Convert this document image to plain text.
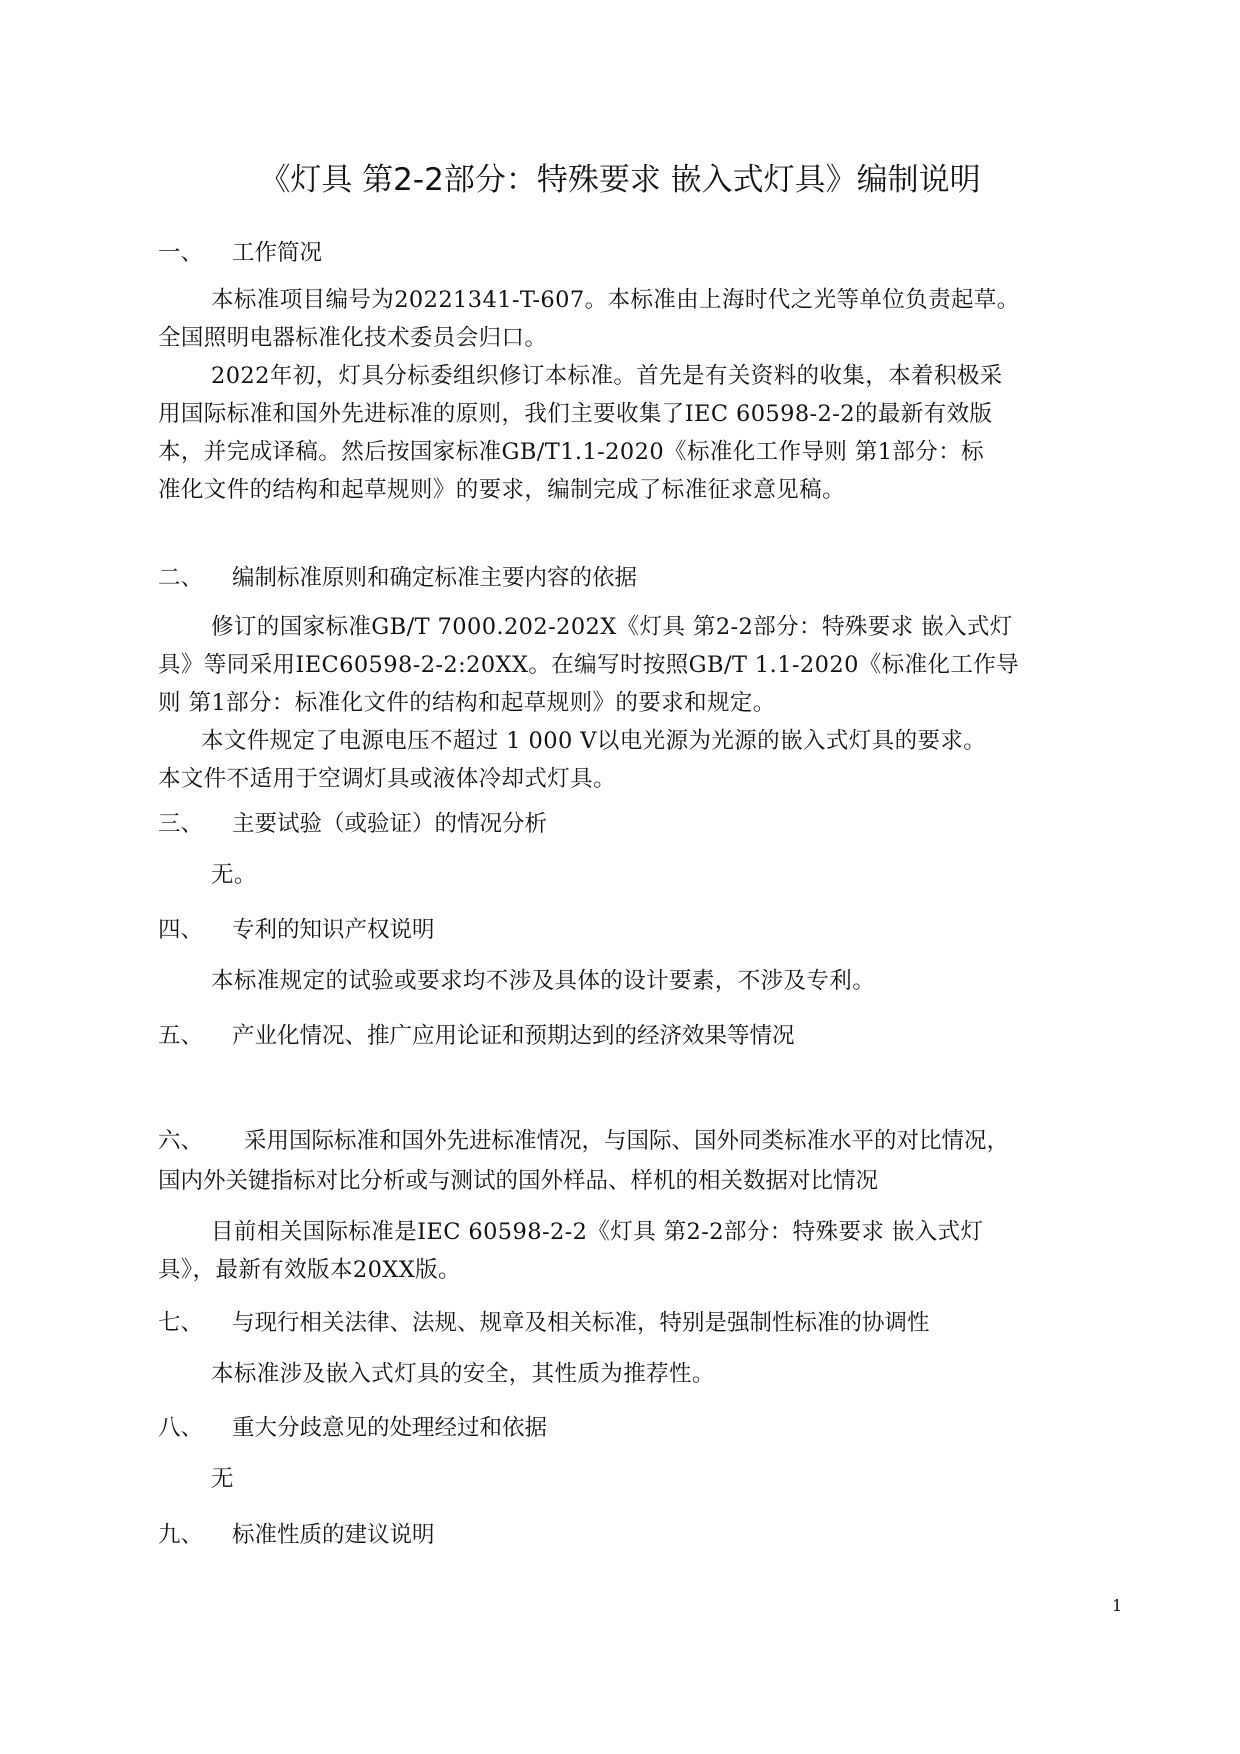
《灯具 第2-2部分：特殊要求 嵌入式灯具》编制说明
一、 工作简况
本标准项目编号为20221341-T-607。本标准由上海时代之光等单位负责起草。
全国照明电器标准化技术委员会归口。
2022年初，灯具分标委组织修订本标准。首先是有关资料的收集，本着积极采
用国际标准和国外先进标准的原则，我们主要收集了IEC 60598-2-2的最新有效版
本，并完成译稿。然后按国家标准GB/T1.1-2020《标准化工作导则 第1部分：标
准化文件的结构和起草规则》的要求，编制完成了标准征求意见稿。
二、 编制标准原则和确定标准主要内容的依据
修订的国家标准GB/T 7000.202-202X《灯具 第2-2部分：特殊要求 嵌入式灯
具》等同采用IEC60598-2-2:20XX。在编写时按照GB/T 1.1-2020《标准化工作导
则 第1部分：标准化文件的结构和起草规则》的要求和规定。
本文件规定了电源电压不超过 1 000 V以电光源为光源的嵌入式灯具的要求。
本文件不适用于空调灯具或液体冷却式灯具。
三、 主要试验（或验证）的情况分析
无。
四、 专利的知识产权说明
本标准规定的试验或要求均不涉及具体的设计要素，不涉及专利。
五、 产业化情况、推广应用论证和预期达到的经济效果等情况
六、 采用国际标准和国外先进标准情况，与国际、国外同类标准水平的对比情况，
国内外关键指标对比分析或与测试的国外样品、样机的相关数据对比情况
目前相关国际标准是IEC 60598-2-2《灯具 第2-2部分：特殊要求 嵌入式灯
具》，最新有效版本20XX版。
七、 与现行相关法律、法规、规章及相关标准，特别是强制性标准的协调性
本标准涉及嵌入式灯具的安全，其性质为推荐性。
八、 重大分歧意见的处理经过和依据
无
九、 标准性质的建议说明
1
